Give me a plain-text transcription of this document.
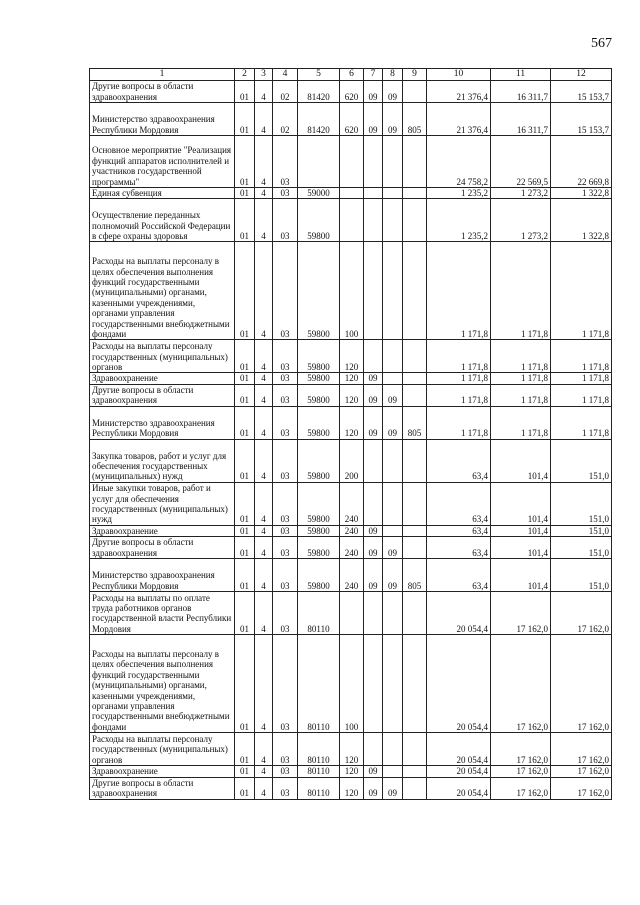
567
1	2	3	4	5	6	7	8	9	10	11	12
Другие вопросы в области здравоохранения	01	4	02	81420	620	09	09		21 376,4	16 311,7	15 153,7
Министерство здравоохранения Республики Мордовия	01	4	02	81420	620	09	09	805	21 376,4	16 311,7	15 153,7
Основное мероприятие "Реализация функций аппаратов исполнителей и участников государственной программы"	01	4	03						24 758,2	22 569,5	22 669,8
Единая субвенция	01	4	03	59000					1 235,2	1 273,2	1 322,8
Осуществление переданных полномочий Российской Федерации в сфере охраны здоровья	01	4	03	59800					1 235,2	1 273,2	1 322,8
Расходы на выплаты персоналу в целях обеспечения выполнения функций государственными (муниципальными) органами, казенными учреждениями, органами управления государственными внебюджетными фондами	01	4	03	59800	100				1 171,8	1 171,8	1 171,8
Расходы на выплаты персоналу государственных (муниципальных) органов	01	4	03	59800	120				1 171,8	1 171,8	1 171,8
Здравоохранение	01	4	03	59800	120	09			1 171,8	1 171,8	1 171,8
Другие вопросы в области здравоохранения	01	4	03	59800	120	09	09		1 171,8	1 171,8	1 171,8
Министерство здравоохранения Республики Мордовия	01	4	03	59800	120	09	09	805	1 171,8	1 171,8	1 171,8
Закупка товаров, работ и услуг для обеспечения государственных (муниципальных) нужд	01	4	03	59800	200				63,4	101,4	151,0
Иные закупки товаров, работ и услуг для обеспечения государственных (муниципальных) нужд	01	4	03	59800	240				63,4	101,4	151,0
Здравоохранение	01	4	03	59800	240	09			63,4	101,4	151,0
Другие вопросы в области здравоохранения	01	4	03	59800	240	09	09		63,4	101,4	151,0
Министерство здравоохранения Республики Мордовия	01	4	03	59800	240	09	09	805	63,4	101,4	151,0
Расходы на выплаты по оплате труда работников органов государственной власти Республики Мордовия	01	4	03	80110					20 054,4	17 162,0	17 162,0
Расходы на выплаты персоналу в целях обеспечения выполнения функций государственными (муниципальными) органами, казенными учреждениями, органами управления государственными внебюджетными фондами	01	4	03	80110	100				20 054,4	17 162,0	17 162,0
Расходы на выплаты персоналу государственных (муниципальных) органов	01	4	03	80110	120				20 054,4	17 162,0	17 162,0
Здравоохранение	01	4	03	80110	120	09			20 054,4	17 162,0	17 162,0
Другие вопросы в области здравоохранения	01	4	03	80110	120	09	09		20 054,4	17 162,0	17 162,0
